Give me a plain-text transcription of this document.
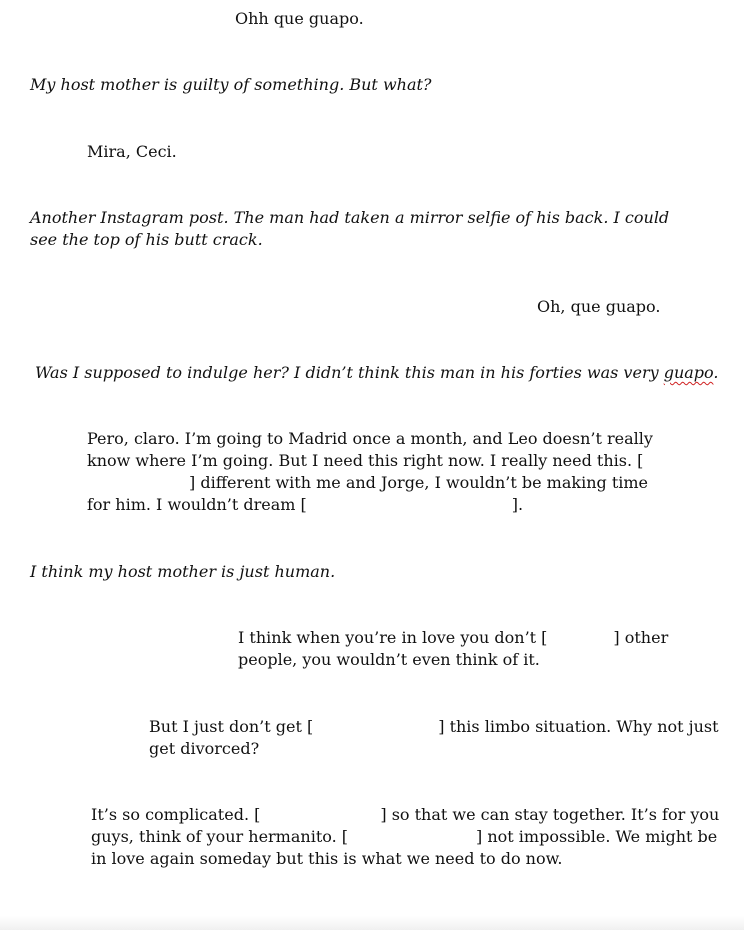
Ohh que guapo.

My host mother is guilty of something. But what?

Mira, Ceci.

Another Instagram post. The man had taken a mirror selfie of his back. I could see the top of his butt crack.

Oh, que guapo.

Was I supposed to indulge her? I didn’t think this man in his forties was very guapo.

Pero, claro. I’m going to Madrid once a month, and Leo doesn’t really know where I’m going. But I need this right now. I really need this. [] different with me and Jorge, I wouldn’t be making time for him. I wouldn’t dream [	].

I think my host mother is just human.

I think when you’re in love you don’t [	] other people, you wouldn’t even think of it.

But I just don’t get [	] this limbo situation. Why not just get divorced?

It’s so complicated. [	] so that we can stay together. It’s for you guys, think of your hermanito. [	] not impossible. We might be in love again someday but this is what we need to do now.
